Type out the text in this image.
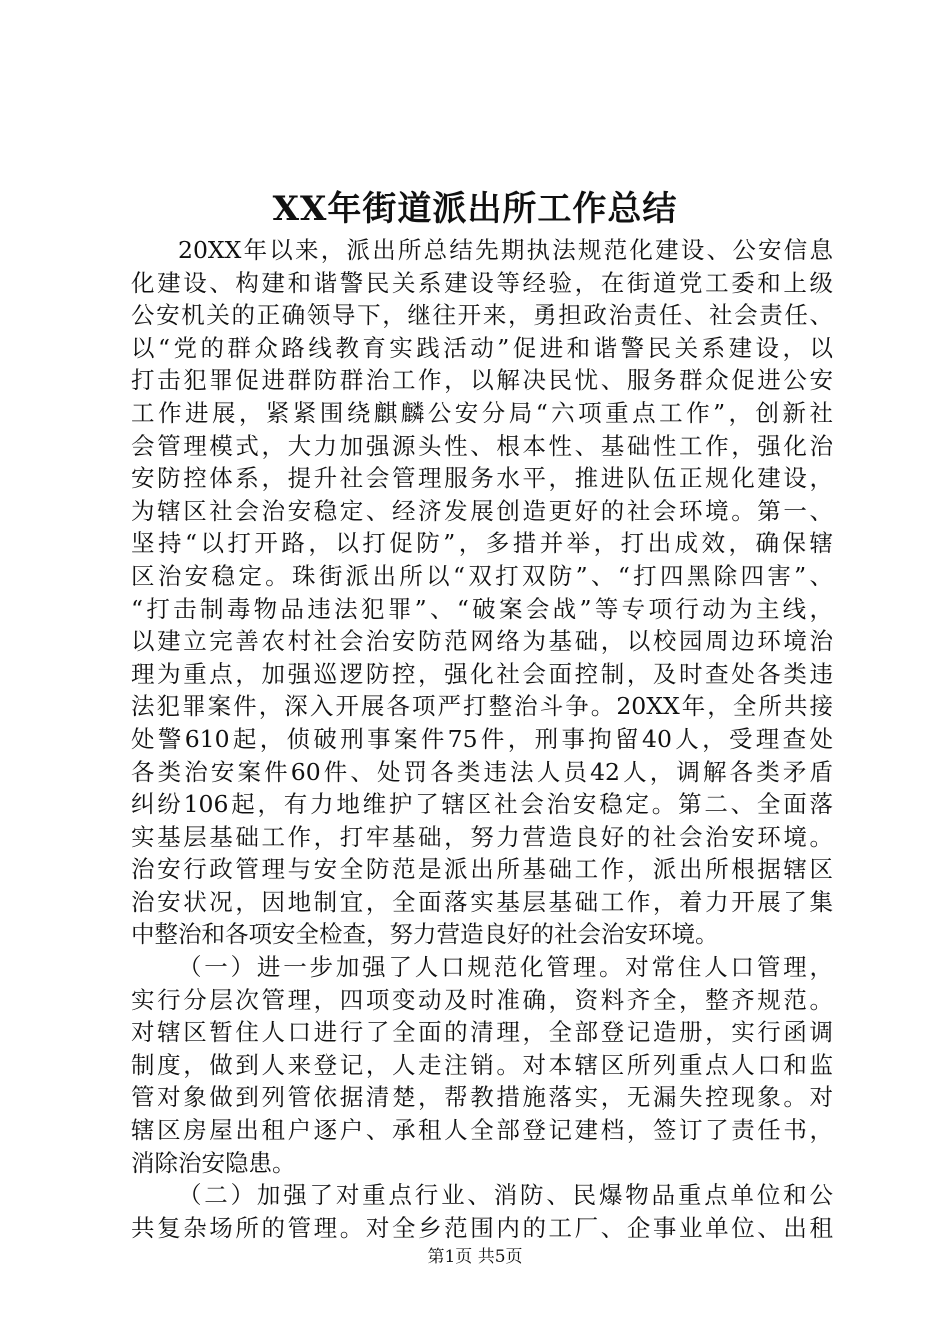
XX年街道派出所工作总结
20XX年以来，派出所总结先期执法规范化建设、公安信息
化建设、构建和谐警民关系建设等经验，在街道党工委和上级
公安机关的正确领导下，继往开来，勇担政治责任、社会责任、
以“党的群众路线教育实践活动”促进和谐警民关系建设，以
打击犯罪促进群防群治工作，以解决民忧、服务群众促进公安
工作进展，紧紧围绕麒麟公安分局“六项重点工作”，创新社
会管理模式，大力加强源头性、根本性、基础性工作，强化治
安防控体系，提升社会管理服务水平，推进队伍正规化建设，
为辖区社会治安稳定、经济发展创造更好的社会环境。第一、
坚持“以打开路，以打促防”，多措并举，打出成效，确保辖
区治安稳定。珠街派出所以“双打双防”、“打四黑除四害”、
“打击制毒物品违法犯罪”、“破案会战”等专项行动为主线，
以建立完善农村社会治安防范网络为基础，以校园周边环境治
理为重点，加强巡逻防控，强化社会面控制，及时查处各类违
法犯罪案件，深入开展各项严打整治斗争。20XX年，全所共接
处警610起，侦破刑事案件75件，刑事拘留40人，受理查处
各类治安案件60件、处罚各类违法人员42人，调解各类矛盾
纠纷106起，有力地维护了辖区社会治安稳定。第二、全面落
实基层基础工作，打牢基础，努力营造良好的社会治安环境。
治安行政管理与安全防范是派出所基础工作，派出所根据辖区
治安状况，因地制宜，全面落实基层基础工作，着力开展了集
中整治和各项安全检查，努力营造良好的社会治安环境。
（一）进一步加强了人口规范化管理。对常住人口管理，
实行分层次管理，四项变动及时准确，资料齐全，整齐规范。
对辖区暂住人口进行了全面的清理，全部登记造册，实行函调
制度，做到人来登记，人走注销。对本辖区所列重点人口和监
管对象做到列管依据清楚，帮教措施落实，无漏失控现象。对
辖区房屋出租户逐户、承租人全部登记建档，签订了责任书，
消除治安隐患。
（二）加强了对重点行业、消防、民爆物品重点单位和公
共复杂场所的管理。对全乡范围内的工厂、企事业单位、出租
第1页 共5页
